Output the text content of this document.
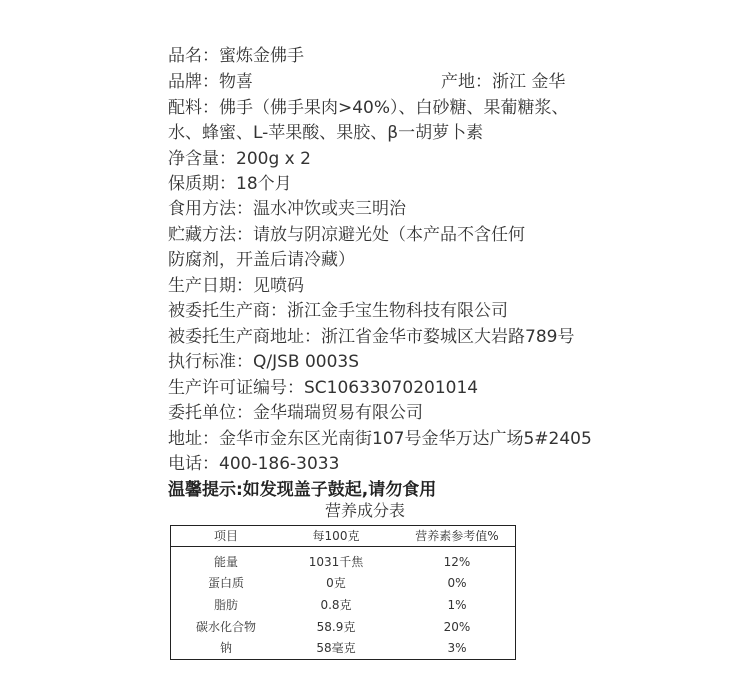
品名：蜜炼金佛手
品牌：物喜	产地：浙江 金华
配料：佛手（佛手果肉>40%）、白砂糖、果葡糖浆、
水、蜂蜜、L-苹果酸、果胶、β一胡萝卜素
净含量：200g x 2
保质期：18个月
食用方法：温水冲饮或夹三明治
贮藏方法：请放与阴凉避光处（本产品不含任何
防腐剂，开盖后请冷藏）
生产日期：见喷码
被委托生产商：浙江金手宝生物科技有限公司
被委托生产商地址：浙江省金华市婺城区大岩路789号
执行标准：Q/JSB 0003S
生产许可证编号：SC10633070201014
委托单位：金华瑞瑞贸易有限公司
地址：金华市金东区光南街107号金华万达广场5#2405
电话：400-186-3033
温馨提示:如发现盖子鼓起,请勿食用
营养成分表
项目	每100克	营养素参考值%
能量	1031千焦	12%
蛋白质	0克	0%
脂肪	0.8克	1%
碳水化合物	58.9克	20%
钠	58毫克	3%
